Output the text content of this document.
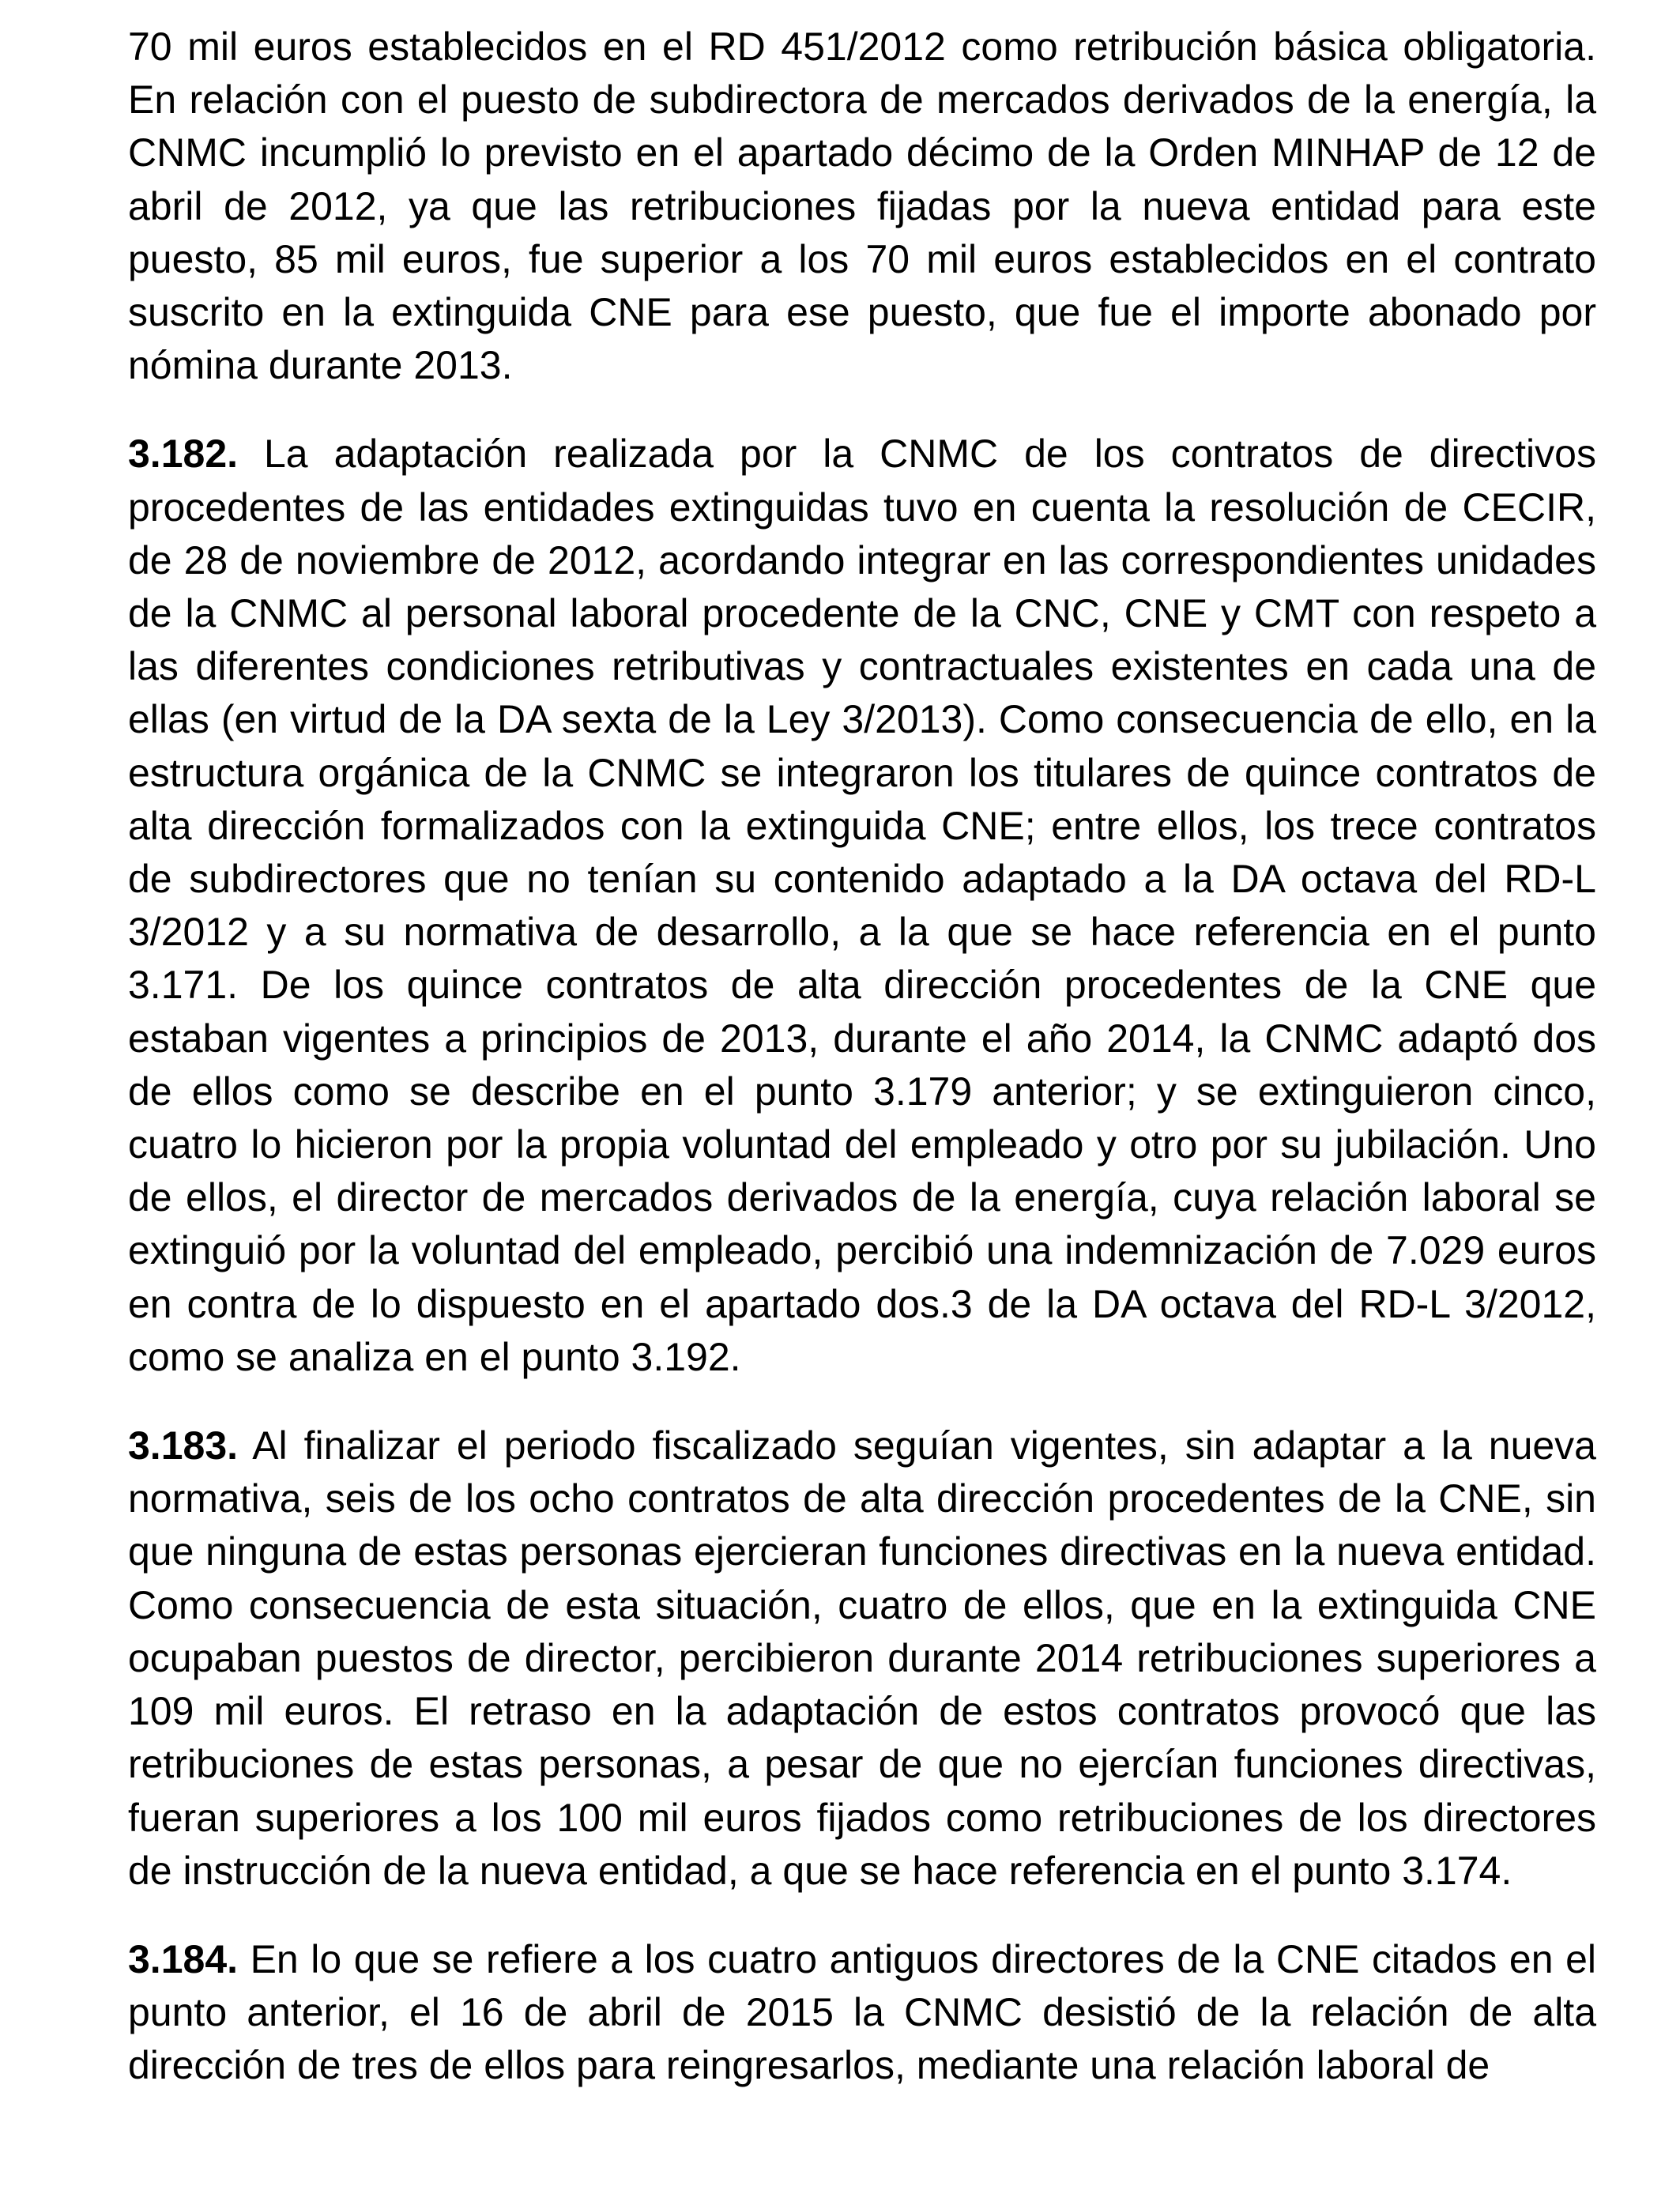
70 mil euros establecidos en el RD 451/2012 como retribución básica obligatoria. En relación con el puesto de subdirectora de mercados derivados de la energía, la CNMC incumplió lo previsto en el apartado décimo de la Orden MINHAP de 12 de abril de 2012, ya que las retribuciones fijadas por la nueva entidad para este puesto, 85 mil euros, fue superior a los 70 mil euros establecidos en el contrato suscrito en la extinguida CNE para ese puesto, que fue el importe abonado por nómina durante 2013.

3.182. La adaptación realizada por la CNMC de los contratos de directivos procedentes de las entidades extinguidas tuvo en cuenta la resolución de CECIR, de 28 de noviembre de 2012, acordando integrar en las correspondientes unidades de la CNMC al personal laboral procedente de la CNC, CNE y CMT con respeto a las diferentes condiciones retributivas y contractuales existentes en cada una de ellas (en virtud de la DA sexta de la Ley 3/2013). Como consecuencia de ello, en la estructura orgánica de la CNMC se integraron los titulares de quince contratos de alta dirección formalizados con la extinguida CNE; entre ellos, los trece contratos de subdirectores que no tenían su contenido adaptado a la DA octava del RD-L 3/2012 y a su normativa de desarrollo, a la que se hace referencia en el punto 3.171. De los quince contratos de alta dirección procedentes de la CNE que estaban vigentes a principios de 2013, durante el año 2014, la CNMC adaptó dos de ellos como se describe en el punto 3.179 anterior; y se extinguieron cinco, cuatro lo hicieron por la propia voluntad del empleado y otro por su jubilación. Uno de ellos, el director de mercados derivados de la energía, cuya relación laboral se extinguió por la voluntad del empleado, percibió una indemnización de 7.029 euros en contra de lo dispuesto en el apartado dos.3 de la DA octava del RD-L 3/2012, como se analiza en el punto 3.192.

3.183. Al finalizar el periodo fiscalizado seguían vigentes, sin adaptar a la nueva normativa, seis de los ocho contratos de alta dirección procedentes de la CNE, sin que ninguna de estas personas ejercieran funciones directivas en la nueva entidad. Como consecuencia de esta situación, cuatro de ellos, que en la extinguida CNE ocupaban puestos de director, percibieron durante 2014 retribuciones superiores a 109 mil euros. El retraso en la adaptación de estos contratos provocó que las retribuciones de estas personas, a pesar de que no ejercían funciones directivas, fueran superiores a los 100 mil euros fijados como retribuciones de los directores de instrucción de la nueva entidad, a que se hace referencia en el punto 3.174.

3.184. En lo que se refiere a los cuatro antiguos directores de la CNE citados en el punto anterior, el 16 de abril de 2015 la CNMC desistió de la relación de alta dirección de tres de ellos para reingresarlos, mediante una relación laboral de
